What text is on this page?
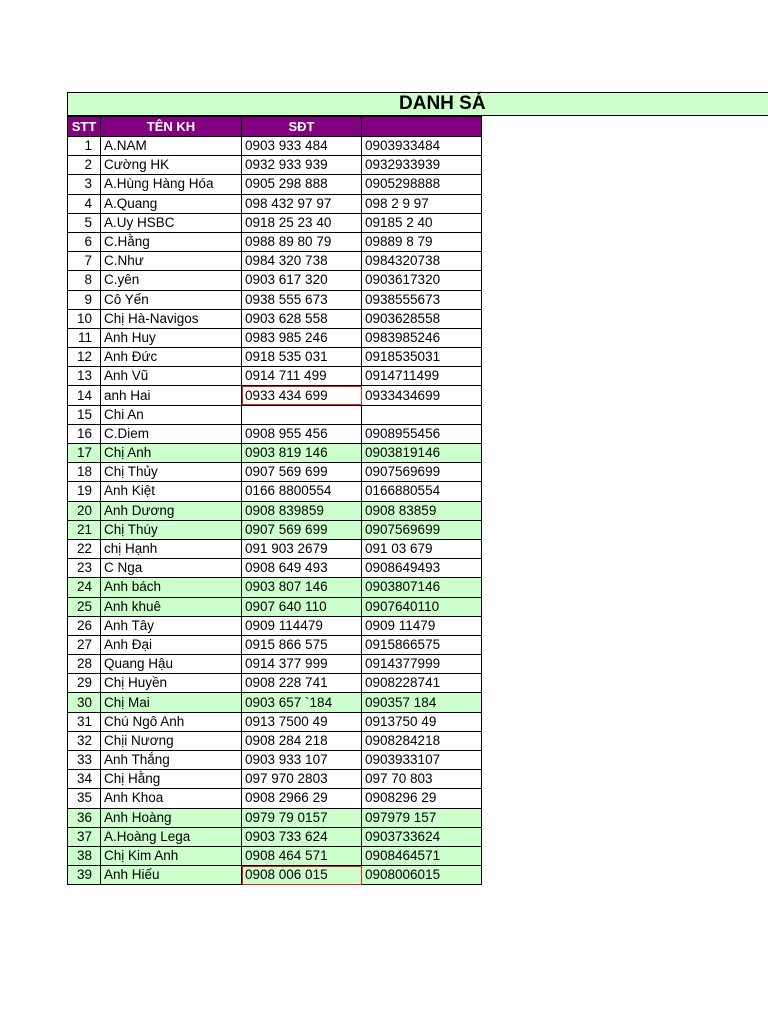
DANH SÁ
STT	TÊN KH	SĐT	
1	A.NAM	0903 933 484	0903933484
2	Cường HK	0932 933 939	0932933939
3	A.Hùng Hàng Hóa	0905 298 888	0905298888
4	A.Quang	098 432 97 97	098 2 9 97
5	A.Uy HSBC	0918 25 23 40	09185 2 40
6	C.Hằng	0988 89 80 79	09889 8 79
7	C.Như	0984 320 738	0984320738
8	C.yên	0903 617 320	0903617320
9	Cô Yến	0938 555 673	0938555673
10	Chị Hà-Navigos	0903 628 558	0903628558
11	Anh Huy	0983 985 246	0983985246
12	Anh Đức	0918 535 031	0918535031
13	Anh Vũ	0914 711 499	0914711499
14	anh Hai	0933 434 699	0933434699
15	Chi An		
16	C.Diem	0908 955 456	0908955456
17	Chị Anh	0903 819 146	0903819146
18	Chị Thủy	0907 569 699	0907569699
19	Anh Kiệt	0166 8800554	0166880554
20	Anh Dương	0908 839859	0908 83859
21	Chị Thúy	0907 569 699	0907569699
22	chị Hạnh	091 903 2679	091 03 679
23	C Nga	0908 649 493	0908649493
24	Anh bách	0903 807 146	0903807146
25	Anh khuê	0907 640 110	0907640110
26	Anh Tây	0909 114479	0909 11479
27	Anh Đại	0915 866 575	0915866575
28	Quang Hậu	0914 377 999	0914377999
29	Chị Huyền	0908 228 741	0908228741
30	Chị Mai	0903 657 `184	090357 184
31	Chú Ngô Anh	0913 7500 49	0913750 49
32	Chịi Nương	0908 284 218	0908284218
33	Anh Thắng	0903 933 107	0903933107
34	Chị Hằng	097 970 2803	097 70 803
35	Anh Khoa	0908 2966 29	0908296 29
36	Anh Hoàng	0979 79 0157	097979 157
37	A.Hoàng Lega	0903 733 624	0903733624
38	Chị Kim Anh	0908 464 571	0908464571
39	Anh Hiếu	0908 006 015	0908006015
